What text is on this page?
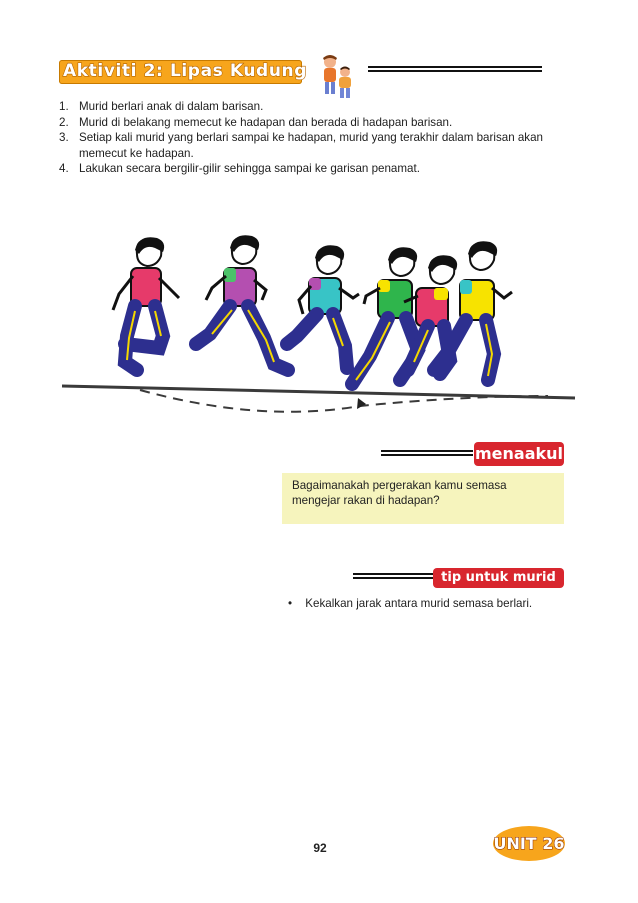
Aktiviti 2: Lipas Kudung
1. Murid berlari anak di dalam barisan.
2. Murid di belakang memecut ke hadapan dan berada di hadapan barisan.
3. Setiap kali murid yang berlari sampai ke hadapan, murid yang terakhir dalam barisan akan memecut ke hadapan.
4. Lakukan secara bergilir-gilir sehingga sampai ke garisan penamat.
menaakul
Bagaimanakah pergerakan kamu semasa mengejar rakan di hadapan?
tip untuk murid
• Kekalkan jarak antara murid semasa berlari.
92	UNIT 26
